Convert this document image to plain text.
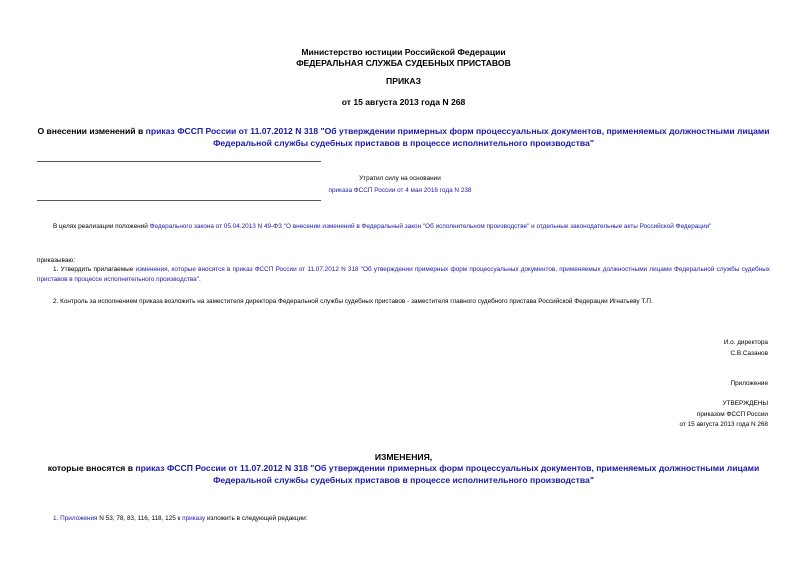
Министерство юстиции Российской Федерации
ФЕДЕРАЛЬНАЯ СЛУЖБА СУДЕБНЫХ ПРИСТАВОВ
ПРИКАЗ
от 15 августа 2013 года N 268
О внесении изменений в приказ ФССП России от 11.07.2012 N 318 "Об утверждении примерных форм процессуальных документов, применяемых должностными лицами Федеральной службы судебных приставов в процессе исполнительного производства"
Утратил силу на основании
приказа ФССП России от 4 мая 2016 года N 238
В целях реализации положений Федерального закона от 05.04.2013 N 49-ФЗ "О внесении изменений в Федеральный закон "Об исполнительном производстве" и отдельные законодательные акты Российской Федерации"
приказываю:
1. Утвердить прилагаемые изменения, которые вносятся в приказ ФССП России от 11.07.2012 N 318 "Об утверждении примерных форм процессуальных документов, применяемых должностными лицами Федеральной службы судебных приставов в процессе исполнительного производства".
2. Контроль за исполнением приказа возложить на заместителя директора Федеральной службы судебных приставов - заместителя главного судебного пристава Российской Федерации Игнатьеву Т.П.
И.о. директора
С.В.Сазанов
Приложение
УТВЕРЖДЕНЫ
приказом ФССП России
от 15 августа 2013 года N 268
ИЗМЕНЕНИЯ,
которые вносятся в приказ ФССП России от 11.07.2012 N 318 "Об утверждении примерных форм процессуальных документов, применяемых должностными лицами Федеральной службы судебных приставов в процессе исполнительного производства"
1. Приложения N 53, 78, 83, 116, 118, 125 к приказу изложить в следующей редакции:
